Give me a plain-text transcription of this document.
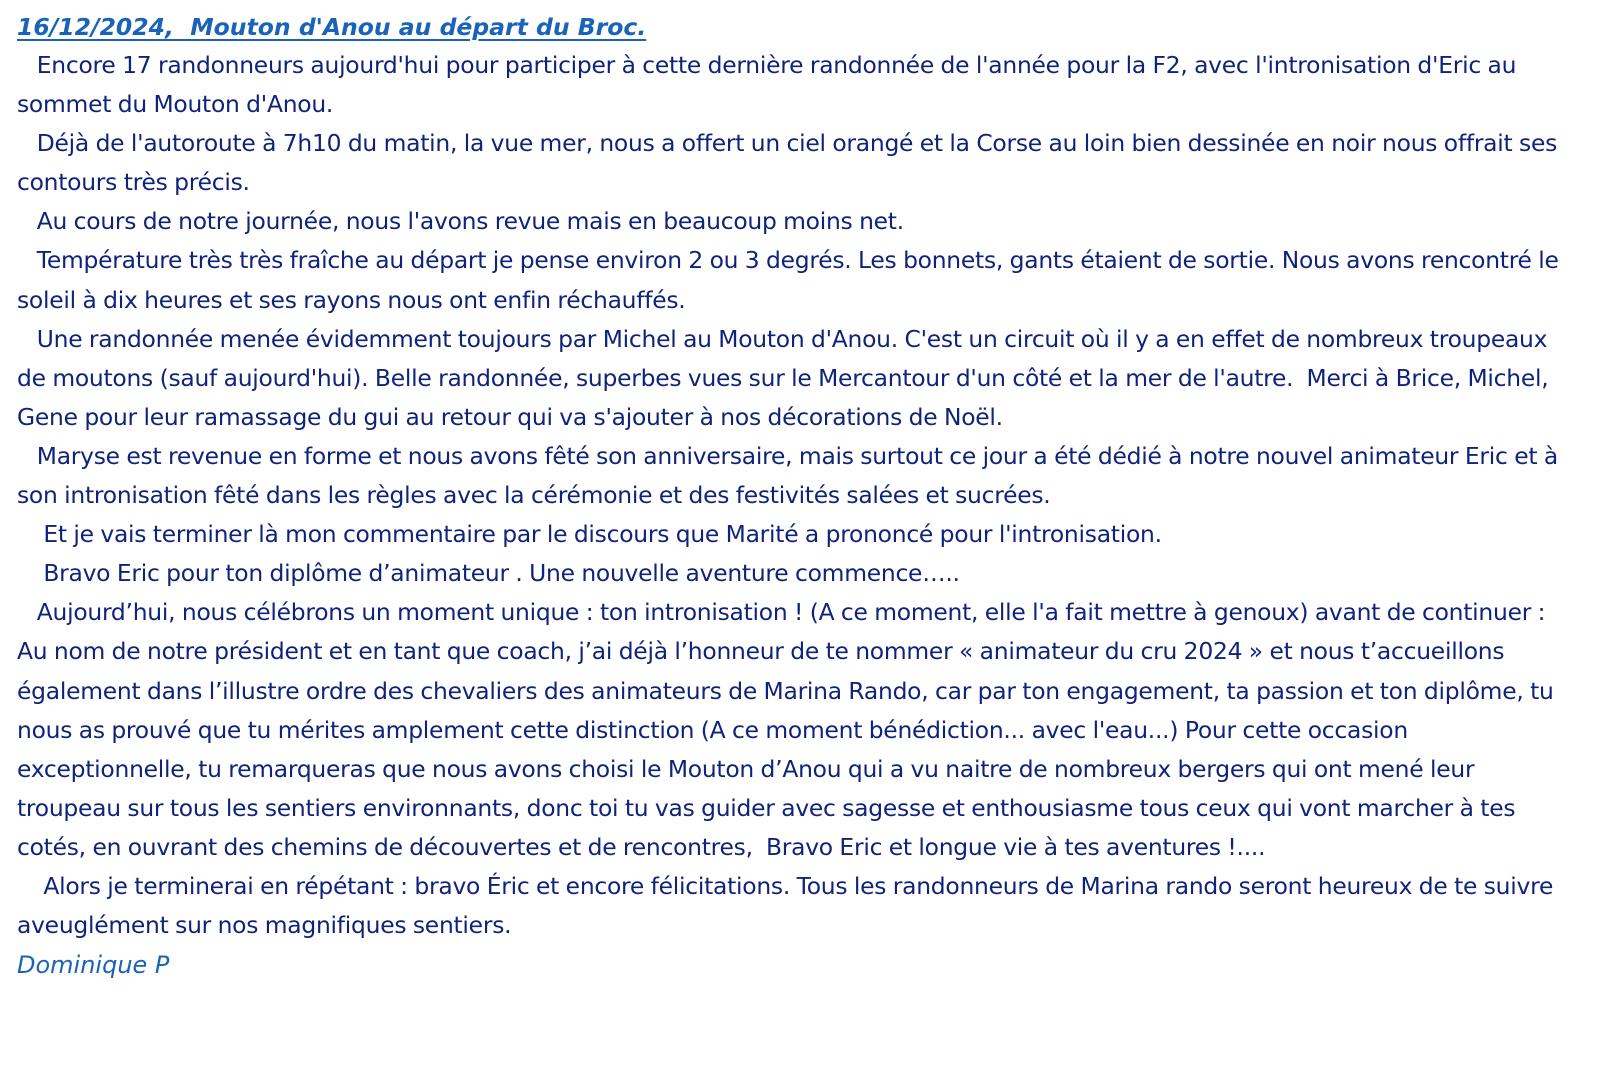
16/12/2024,  Mouton d'Anou au départ du Broc.

Encore 17 randonneurs aujourd'hui pour participer à cette dernière randonnée de l'année pour la F2, avec l'intronisation d'Eric au sommet du Mouton d'Anou.
Déjà de l'autoroute à 7h10 du matin, la vue mer, nous a offert un ciel orangé et la Corse au loin bien dessinée en noir nous offrait ses contours très précis.
Au cours de notre journée, nous l'avons revue mais en beaucoup moins net.
Température très très fraîche au départ je pense environ 2 ou 3 degrés. Les bonnets, gants étaient de sortie. Nous avons rencontré le soleil à dix heures et ses rayons nous ont enfin réchauffés.
Une randonnée menée évidemment toujours par Michel au Mouton d'Anou. C'est un circuit où il y a en effet de nombreux troupeaux de moutons (sauf aujourd'hui). Belle randonnée, superbes vues sur le Mercantour d'un côté et la mer de l'autre.  Merci à Brice, Michel, Gene pour leur ramassage du gui au retour qui va s'ajouter à nos décorations de Noël.
Maryse est revenue en forme et nous avons fêté son anniversaire, mais surtout ce jour a été dédié à notre nouvel animateur Eric et à son intronisation fêté dans les règles avec la cérémonie et des festivités salées et sucrées.
Et je vais terminer là mon commentaire par le discours que Marité a prononcé pour l'intronisation.
Bravo Eric pour ton diplôme d’animateur . Une nouvelle aventure commence…..
Aujourd’hui, nous célébrons un moment unique : ton intronisation ! (A ce moment, elle l'a fait mettre à genoux) avant de continuer : Au nom de notre président et en tant que coach, j’ai déjà l’honneur de te nommer « animateur du cru 2024 » et nous t’accueillons également dans l’illustre ordre des chevaliers des animateurs de Marina Rando, car par ton engagement, ta passion et ton diplôme, tu nous as prouvé que tu mérites amplement cette distinction (A ce moment bénédiction... avec l'eau...) Pour cette occasion exceptionnelle, tu remarqueras que nous avons choisi le Mouton d’Anou qui a vu naitre de nombreux bergers qui ont mené leur troupeau sur tous les sentiers environnants, donc toi tu vas guider avec sagesse et enthousiasme tous ceux qui vont marcher à tes cotés, en ouvrant des chemins de découvertes et de rencontres,  Bravo Eric et longue vie à tes aventures !....
Alors je terminerai en répétant : bravo Éric et encore félicitations. Tous les randonneurs de Marina rando seront heureux de te suivre aveuglément sur nos magnifiques sentiers.

Dominique P
